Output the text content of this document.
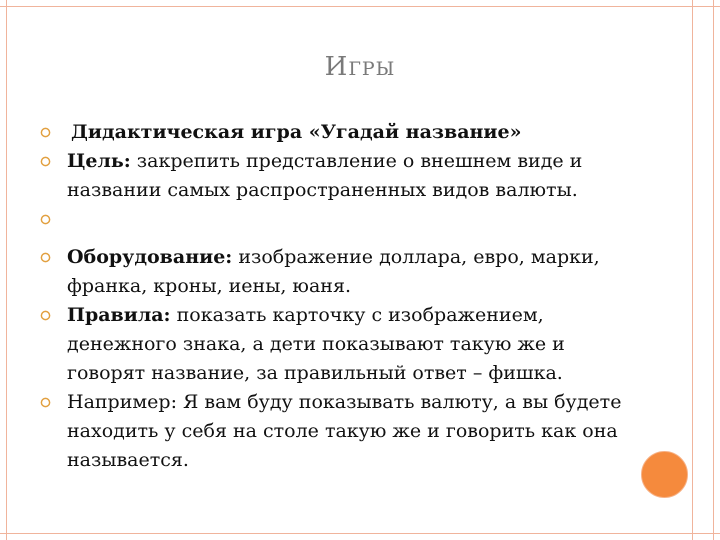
ИГРЫ
Дидактическая игра «Угадай название»
Цель: закрепить представление о внешнем виде и названии самых распространенных видов валюты.
Оборудование: изображение доллара, евро, марки, франка, кроны, иены, юаня.
Правила: показать карточку с изображением, денежного знака, а дети показывают такую же и говорят название, за правильный ответ – фишка.
Например: Я вам буду показывать валюту, а вы будете находить у себя на столе такую же и говорить как она называется.
